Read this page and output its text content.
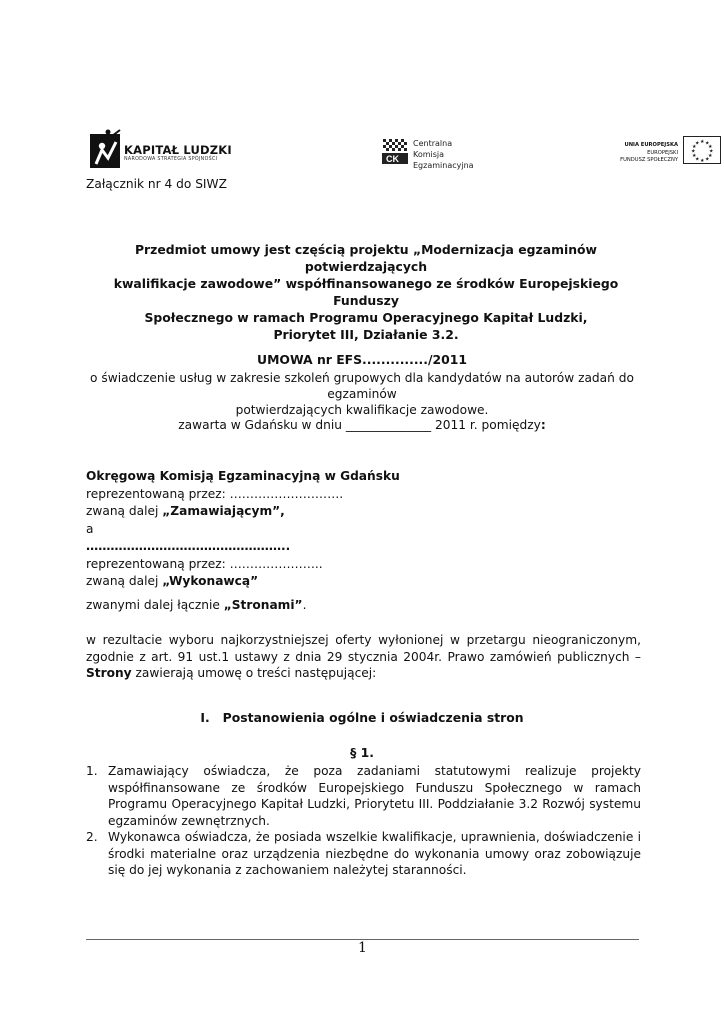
KAPITAŁ LUDZKI
NARODOWA STRATEGIA SPÓJNOŚCI	CK
Centralna
Komisja
Egzaminacyjna
UNIA EUROPEJSKA
EUROPEJSKI
FUNDUSZ SPOŁECZNY
★ ★
★
★
★
★
★
★
★
★
★
★
Załącznik nr 4 do SIWZ
Przedmiot umowy jest częścią projektu „Modernizacja egzaminów potwierdzających
kwalifikacje zawodowe” współfinansowanego ze środków Europejskiego Funduszy
Społecznego w ramach Programu Operacyjnego Kapitał Ludzki,
Priorytet III, Działanie 3.2.
UMOWA nr EFS............../2011
o świadczenie usług w zakresie szkoleń grupowych dla kandydatów na autorów zadań do egzaminów
potwierdzających kwalifikacje zawodowe.
zawarta w Gdańsku w dniu ______________ 2011 r. pomiędzy:
Okręgową Komisją Egzaminacyjną w Gdańsku
reprezentowaną przez: ……………………….
zwaną dalej „Zamawiającym”,
a
…………………………………………..
reprezentowaną przez: …………………..
zwaną dalej „Wykonawcą”
zwanymi dalej łącznie „Stronami”.
w rezultacie wyboru najkorzystniejszej oferty wyłonionej w przetargu nieograniczonym, zgodnie z art. 91 ust.1 ustawy z dnia 29 stycznia 2004r. Prawo zamówień publicznych – Strony zawierają umowę o treści następującej:
I. Postanowienia ogólne i oświadczenia stron
§ 1.
1. Zamawiający oświadcza, że poza zadaniami statutowymi realizuje projekty współfinansowane ze środków Europejskiego Funduszu Społecznego w ramach Programu Operacyjnego Kapitał Ludzki, Priorytetu III. Poddziałanie 3.2 Rozwój systemu egzaminów zewnętrznych.
2. Wykonawca oświadcza, że posiada wszelkie kwalifikacje, uprawnienia, doświadczenie i środki materialne oraz urządzenia niezbędne do wykonania umowy oraz zobowiązuje się do jej wykonania z zachowaniem należytej staranności.
1
